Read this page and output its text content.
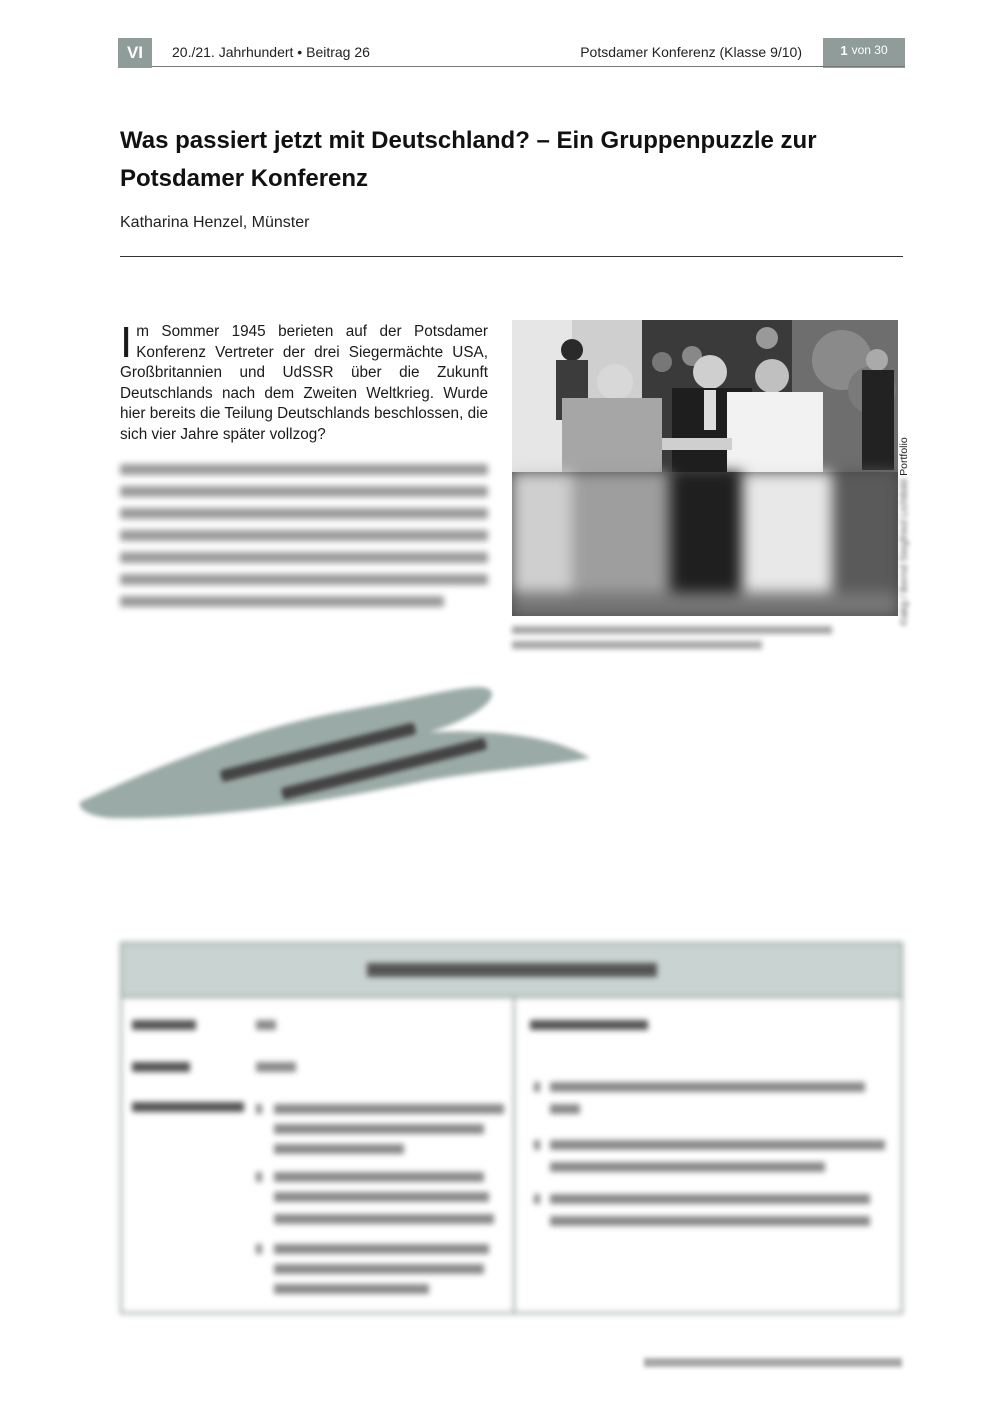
VI	20./21. Jahrhundert • Beitrag 26	Potsdamer Konferenz (Klasse 9/10)	1 von 30
Was passiert jetzt mit Deutschland? – Ein Gruppenpuzzle zur Potsdamer Konferenz
Katharina Henzel, Münster
I m Sommer 1945 berieten auf der Potsdamer Konferenz Vertreter der drei Siegermächte USA, Großbritannien und UdSSR über die Zukunft Deutschlands nach dem Zweiten Weltkrieg. Wurde hier bereits die Teilung Deutschlands beschlossen, die sich vier Jahre später vollzog?
©akg / Bernd Siegfried Lichtbild Portfolio
